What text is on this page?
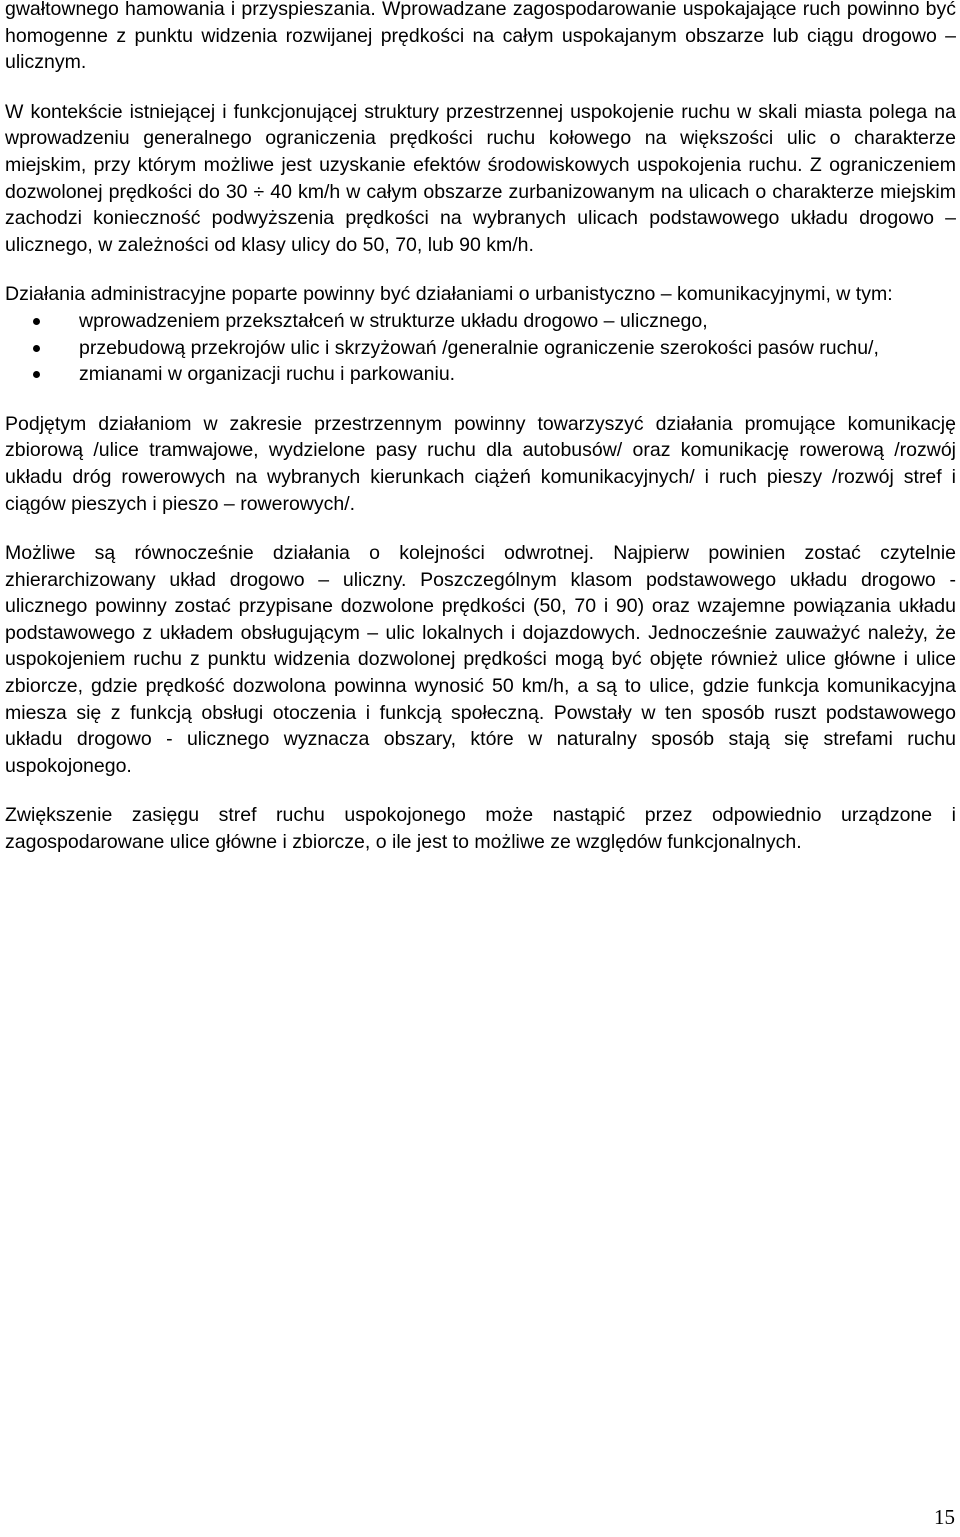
gwałtownego hamowania i przyspieszania. Wprowadzane zagospodarowanie uspokajające ruch powinno być homogenne z punktu widzenia rozwijanej prędkości na całym uspokajanym obszarze lub ciągu drogowo – ulicznym.

W kontekście istniejącej i funkcjonującej struktury przestrzennej uspokojenie ruchu w skali miasta polega na wprowadzeniu generalnego ograniczenia prędkości ruchu kołowego na większości ulic o charakterze miejskim, przy którym możliwe jest uzyskanie efektów środowiskowych uspokojenia ruchu. Z ograniczeniem dozwolonej prędkości do 30 ÷ 40 km/h w całym obszarze zurbanizowanym na ulicach o charakterze miejskim zachodzi konieczność podwyższenia prędkości na wybranych ulicach podstawowego układu drogowo – ulicznego, w zależności od klasy ulicy do 50, 70, lub 90 km/h.

Działania administracyjne poparte powinny być działaniami o urbanistyczno – komunikacyjnymi, w tym:

wprowadzeniem przekształceń w strukturze układu drogowo – ulicznego,
przebudową przekrojów ulic i skrzyżowań /generalnie ograniczenie szerokości pasów ruchu/,
zmianami w organizacji ruchu i parkowaniu.

Podjętym działaniom w zakresie przestrzennym powinny towarzyszyć działania promujące komunikację zbiorową /ulice tramwajowe, wydzielone pasy ruchu dla autobusów/ oraz komunikację rowerową /rozwój układu dróg rowerowych na wybranych kierunkach ciążeń komunikacyjnych/ i ruch pieszy /rozwój stref i ciągów pieszych i pieszo – rowerowych/.

Możliwe są równocześnie działania o kolejności odwrotnej. Najpierw powinien zostać czytelnie zhierarchizowany układ drogowo – uliczny. Poszczególnym klasom podstawowego układu drogowo - ulicznego powinny zostać przypisane dozwolone prędkości (50, 70 i 90) oraz wzajemne powiązania układu podstawowego z układem obsługującym – ulic lokalnych i dojazdowych. Jednocześnie zauważyć należy, że uspokojeniem ruchu z punktu widzenia dozwolonej prędkości mogą być objęte również ulice główne i ulice zbiorcze, gdzie prędkość dozwolona powinna wynosić 50 km/h, a są to ulice, gdzie funkcja komunikacyjna miesza się z funkcją obsługi otoczenia i funkcją społeczną. Powstały w ten sposób ruszt podstawowego układu drogowo - ulicznego wyznacza obszary, które w naturalny sposób stają się strefami ruchu uspokojonego.

Zwiększenie zasięgu stref ruchu uspokojonego może nastąpić przez odpowiednio urządzone i zagospodarowane ulice główne i zbiorcze, o ile jest to możliwe ze względów funkcjonalnych.

15
